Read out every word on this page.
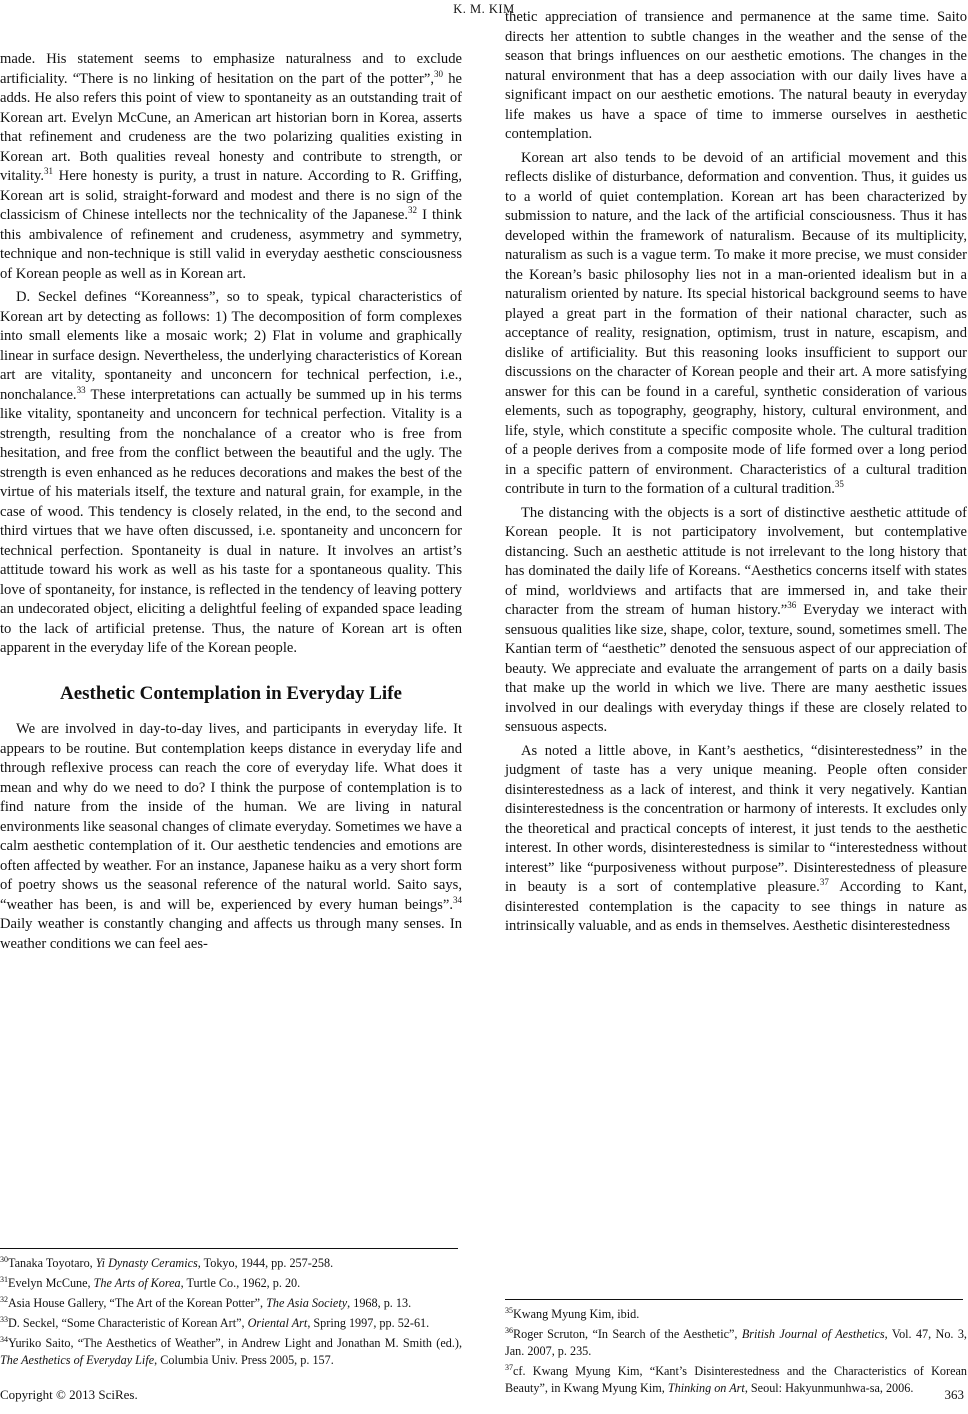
K. M. KIM

made. His statement seems to emphasize naturalness and to exclude artificiality. “There is no linking of hesitation on the part of the potter”,$^{30}$ he adds. He also refers this point of view to spontaneity as an outstanding trait of Korean art. Evelyn McCune, an American art historian born in Korea, asserts that refinement and crudeness are the two polarizing qualities existing in Korean art. Both qualities reveal honesty and contribute to strength, or vitality.$^{31}$ Here honesty is purity, a trust in nature. According to R. Griffing, Korean art is solid, straight-forward and modest and there is no sign of the classicism of Chinese intellects nor the technicality of the Japanese.$^{32}$ I think this ambivalence of refinement and crudeness, asymmetry and symmetry, technique and non-technique is still valid in everyday aesthetic consciousness of Korean people as well as in Korean art.

D. Seckel defines “Koreanness”, so to speak, typical characteristics of Korean art by detecting as follows: 1) The decomposition of form complexes into small elements like a mosaic work; 2) Flat in volume and graphically linear in surface design. Nevertheless, the underlying characteristics of Korean art are vitality, spontaneity and unconcern for technical perfection, i.e., nonchalance.$^{33}$ These interpretations can actually be summed up in his terms like vitality, spontaneity and unconcern for technical perfection. Vitality is a strength, resulting from the nonchalance of a creator who is free from hesitation, and free from the conflict between the beautiful and the ugly. The strength is even enhanced as he reduces decorations and makes the best of the virtue of his materials itself, the texture and natural grain, for example, in the case of wood. This tendency is closely related, in the end, to the second and third virtues that we have often discussed, i.e. spontaneity and unconcern for technical perfection. Spontaneity is dual in nature. It involves an artist’s attitude toward his work as well as his taste for a spontaneous quality. This love of spontaneity, for instance, is reflected in the tendency of leaving pottery an undecorated object, eliciting a delightful feeling of expanded space leading to the lack of artificial pretense. Thus, the nature of Korean art is often apparent in the everyday life of the Korean people.

Aesthetic Contemplation in Everyday Life

We are involved in day-to-day lives, and participants in everyday life. It appears to be routine. But contemplation keeps distance in everyday life and through reflexive process can reach the core of everyday life. What does it mean and why do we need to do? I think the purpose of contemplation is to find nature from the inside of the human. We are living in natural environments like seasonal changes of climate everyday. Sometimes we have a calm aesthetic contemplation of it. Our aesthetic tendencies and emotions are often affected by weather. For an instance, Japanese haiku as a very short form of poetry shows us the seasonal reference of the natural world. Saito says, “weather has been, is and will be, experienced by every human beings”.$^{34}$ Daily weather is constantly changing and affects us through many senses. In weather conditions we can feel aes-

thetic appreciation of transience and permanence at the same time. Saito directs her attention to subtle changes in the weather and the sense of the season that brings influences on our aesthetic emotions. The changes in the natural environment that has a deep association with our daily lives have a significant impact on our aesthetic emotions. The natural beauty in everyday life makes us have a space of time to immerse ourselves in aesthetic contemplation.

Korean art also tends to be devoid of an artificial movement and this reflects dislike of disturbance, deformation and convention. Thus, it guides us to a world of quiet contemplation. Korean art has been characterized by submission to nature, and the lack of the artificial consciousness. Thus it has developed within the framework of naturalism. Because of its multiplicity, naturalism as such is a vague term. To make it more precise, we must consider the Korean’s basic philosophy lies not in a man-oriented idealism but in a naturalism oriented by nature. Its special historical background seems to have played a great part in the formation of their national character, such as acceptance of reality, resignation, optimism, trust in nature, escapism, and dislike of artificiality. But this reasoning looks insufficient to support our discussions on the character of Korean people and their art. A more satisfying answer for this can be found in a careful, synthetic consideration of various elements, such as topography, geography, history, cultural environment, and life, style, which constitute a specific composite whole. The cultural tradition of a people derives from a composite mode of life formed over a long period in a specific pattern of environment. Characteristics of a cultural tradition contribute in turn to the formation of a cultural tradition.$^{35}$

The distancing with the objects is a sort of distinctive aesthetic attitude of Korean people. It is not participatory involvement, but contemplative distancing. Such an aesthetic attitude is not irrelevant to the long history that has dominated the daily life of Koreans. “Aesthetics concerns itself with states of mind, worldviews and artifacts that are immersed in, and take their character from the stream of human history.”$^{36}$ Everyday we interact with sensuous qualities like size, shape, color, texture, sound, sometimes smell. The Kantian term of “aesthetic” denoted the sensuous aspect of our appreciation of beauty. We appreciate and evaluate the arrangement of parts on a daily basis that make up the world in which we live. There are many aesthetic issues involved in our dealings with everyday things if these are closely related to sensuous aspects.

As noted a little above, in Kant’s aesthetics, “disinterestedness” in the judgment of taste has a very unique meaning. People often consider disinterestedness as a lack of interest, and think it very negatively. Kantian disinterestedness is the concentration or harmony of interests. It excludes only the theoretical and practical concepts of interest, it just tends to the aesthetic interest. In other words, disinterestedness is similar to “interestedness without interest” like “purposiveness without purpose”. Disinterestedness of pleasure in beauty is a sort of contemplative pleasure.$^{37}$ According to Kant, disinterested contemplation is the capacity to see things in nature as intrinsically valuable, and as ends in themselves. Aesthetic disinterestedness

$^{30}$Tanaka Toyotaro, Yi Dynasty Ceramics, Tokyo, 1944, pp. 257-258.

$^{31}$Evelyn McCune, The Arts of Korea, Turtle Co., 1962, p. 20.

$^{32}$Asia House Gallery, “The Art of the Korean Potter”, The Asia Society, 1968, p. 13.

$^{33}$D. Seckel, “Some Characteristic of Korean Art”, Oriental Art, Spring 1997, pp. 52-61.

$^{34}$Yuriko Saito, “The Aesthetics of Weather”, in Andrew Light and Jonathan M. Smith (ed.), The Aesthetics of Everyday Life, Columbia Univ. Press 2005, p. 157.

$^{35}$Kwang Myung Kim, ibid.

$^{36}$Roger Scruton, “In Search of the Aesthetic”, British Journal of Aesthetics, Vol. 47, No. 3, Jan. 2007, p. 235.

$^{37}$cf. Kwang Myung Kim, “Kant’s Disinterestedness and the Characteristics of Korean Beauty”, in Kwang Myung Kim, Thinking on Art, Seoul: Hakyunmunhwa-sa, 2006.

Copyright © 2013 SciRes.	363
